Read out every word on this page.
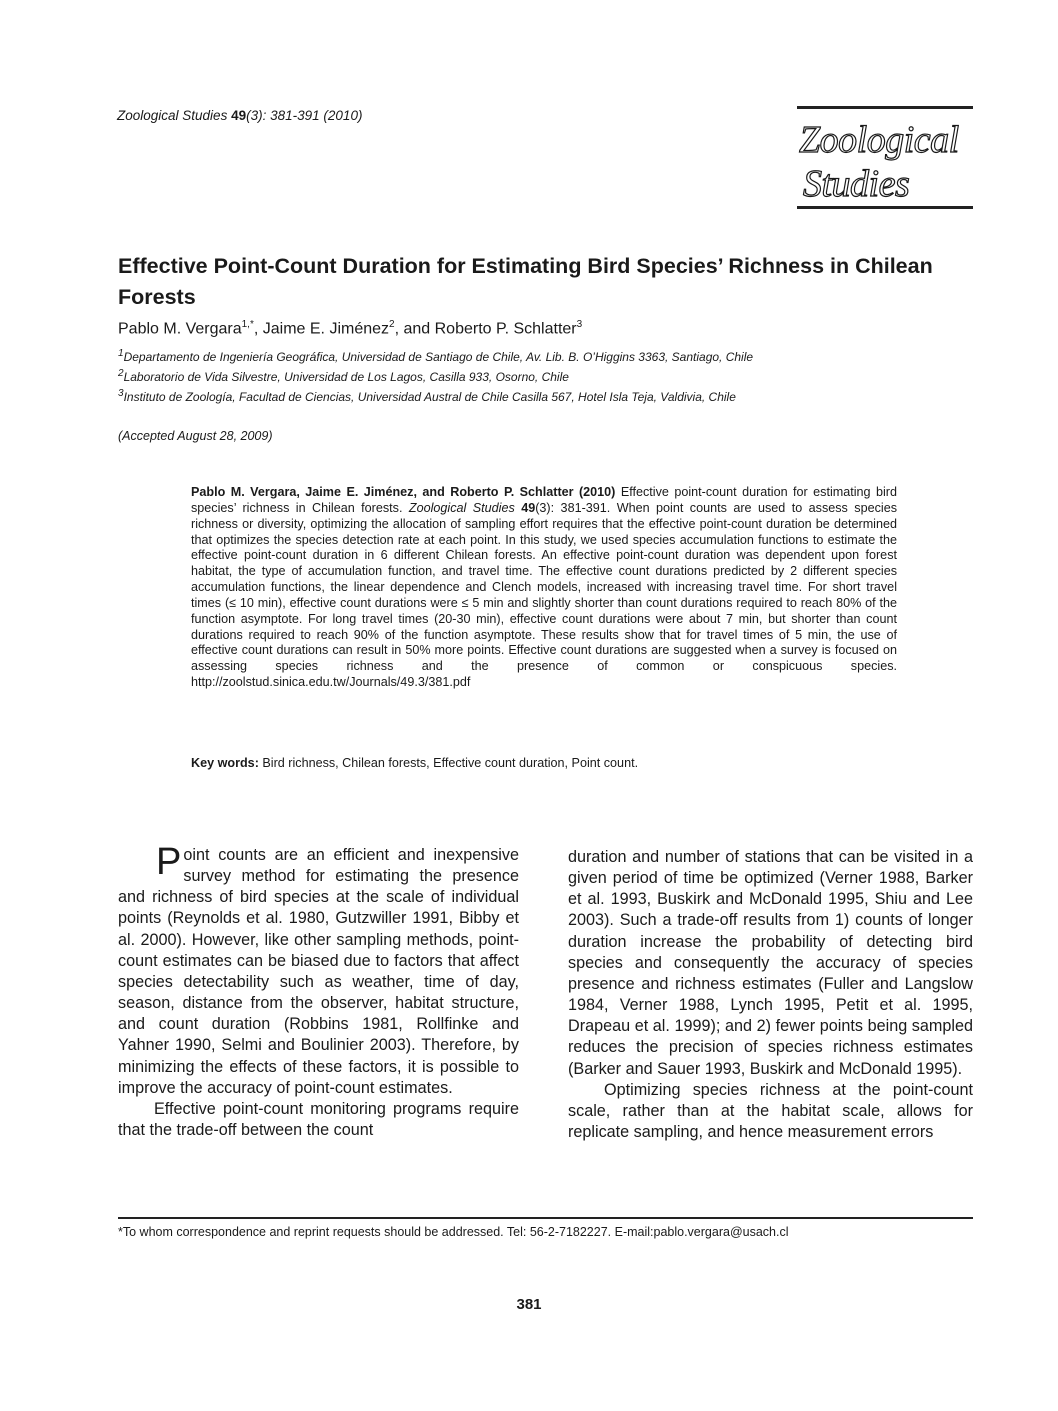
Zoological Studies 49(3): 381-391 (2010)
Zoological
Studies
Effective Point-Count Duration for Estimating Bird Species’ Richness in Chilean Forests
Pablo M. Vergara$^{1,*}$, Jaime E. Jiménez$^2$, and Roberto P. Schlatter$^3$
$^1$Departamento de Ingeniería Geográfica, Universidad de Santiago de Chile, Av. Lib. B. O’Higgins 3363, Santiago, Chile
$^2$Laboratorio de Vida Silvestre, Universidad de Los Lagos, Casilla 933, Osorno, Chile
$^3$Instituto de Zoología, Facultad de Ciencias, Universidad Austral de Chile Casilla 567, Hotel Isla Teja, Valdivia, Chile
(Accepted August 28, 2009)
Pablo M. Vergara, Jaime E. Jiménez, and Roberto P. Schlatter (2010) Effective point-count duration for estimating bird species’ richness in Chilean forests. Zoological Studies 49(3): 381-391. When point counts are used to assess species richness or diversity, optimizing the allocation of sampling effort requires that the effective point-count duration be determined that optimizes the species detection rate at each point. In this study, we used species accumulation functions to estimate the effective point-count duration in 6 different Chilean forests. An effective point-count duration was dependent upon forest habitat, the type of accumulation function, and travel time. The effective count durations predicted by 2 different species accumulation functions, the linear dependence and Clench models, increased with increasing travel time. For short travel times (≤ 10 min), effective count durations were ≤ 5 min and slightly shorter than count durations required to reach 80% of the function asymptote. For long travel times (20-30 min), effective count durations were about 7 min, but shorter than count durations required to reach 90% of the function asymptote. These results show that for travel times of 5 min, the use of effective count durations can result in 50% more points. Effective count durations are suggested when a survey is focused on assessing species richness and the presence of common or conspicuous species. http://zoolstud.sinica.edu.tw/Journals/49.3/381.pdf
Key words: Bird richness, Chilean forests, Effective count duration, Point count.

Point counts are an efficient and inexpensive survey method for estimating the presence and richness of bird species at the scale of individual points (Reynolds et al. 1980, Gutzwiller 1991, Bibby et al. 2000). However, like other sampling methods, point-count estimates can be biased due to factors that affect species detectability such as weather, time of day, season, distance from the observer, habitat structure, and count duration (Robbins 1981, Rollfinke and Yahner 1990, Selmi and Boulinier 2003). Therefore, by minimizing the effects of these factors, it is possible to improve the accuracy of point-count estimates.

Effective point-count monitoring programs require that the trade-off between the count

duration and number of stations that can be visited in a given period of time be optimized (Verner 1988, Barker et al. 1993, Buskirk and McDonald 1995, Shiu and Lee 2003). Such a trade-off results from 1) counts of longer duration increase the probability of detecting bird species and consequently the accuracy of species presence and richness estimates (Fuller and Langslow 1984, Verner 1988, Lynch 1995, Petit et al. 1995, Drapeau et al. 1999); and 2) fewer points being sampled reduces the precision of species richness estimates (Barker and Sauer 1993, Buskirk and McDonald 1995).

Optimizing species richness at the point-count scale, rather than at the habitat scale, allows for replicate sampling, and hence measurement errors

*To whom correspondence and reprint requests should be addressed. Tel: 56-2-7182227. E-mail:pablo.vergara@usach.cl
381
